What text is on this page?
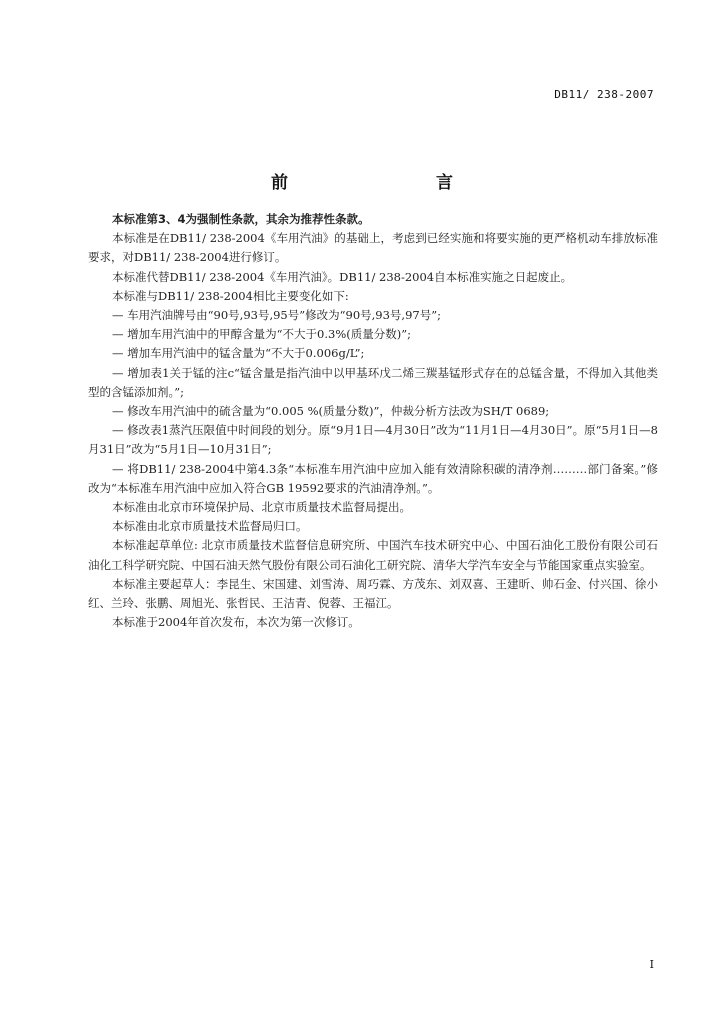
DB11/ 238-2007
前　　言

本标准第3、4为强制性条款，其余为推荐性条款。

本标准是在DB11/ 238-2004《车用汽油》的基础上，考虑到已经实施和将要实施的更严格机动车排放标准要求，对DB11/ 238-2004进行修订。

本标准代替DB11/ 238-2004《车用汽油》。DB11/ 238-2004自本标准实施之日起废止。

本标准与DB11/ 238-2004相比主要变化如下:

— 车用汽油牌号由“90号,93号,95号”修改为“90号,93号,97号”;

— 增加车用汽油中的甲醇含量为“不大于0.3%(质量分数)”;

— 增加车用汽油中的锰含量为“不大于0.006g/L”;

— 增加表1关于锰的注c“锰含量是指汽油中以甲基环戊二烯三羰基锰形式存在的总锰含量，不得加入其他类型的含锰添加剂。”;

— 修改车用汽油中的硫含量为“0.005 %(质量分数)”，仲裁分析方法改为SH/T 0689;

— 修改表1蒸汽压限值中时间段的划分。原“9月1日—4月30日”改为“11月1日—4月30日”。原“5月1日—8月31日”改为“5月1日—10月31日”;

— 将DB11/ 238-2004中第4.3条“本标准车用汽油中应加入能有效清除积碳的清净剂………部门备案。”修改为“本标准车用汽油中应加入符合GB 19592要求的汽油清净剂。”。

本标准由北京市环境保护局、北京市质量技术监督局提出。

本标准由北京市质量技术监督局归口。

本标准起草单位: 北京市质量技术监督信息研究所、中国汽车技术研究中心、中国石油化工股份有限公司石油化工科学研究院、中国石油天然气股份有限公司石油化工研究院、清华大学汽车安全与节能国家重点实验室。

本标准主要起草人：李昆生、宋国建、刘雪涛、周巧霖、方茂东、刘双喜、王建昕、帅石金、付兴国、徐小红、兰玲、张鹏、周旭光、张哲民、王洁青、倪蓉、王福江。

本标准于2004年首次发布，本次为第一次修订。

I
